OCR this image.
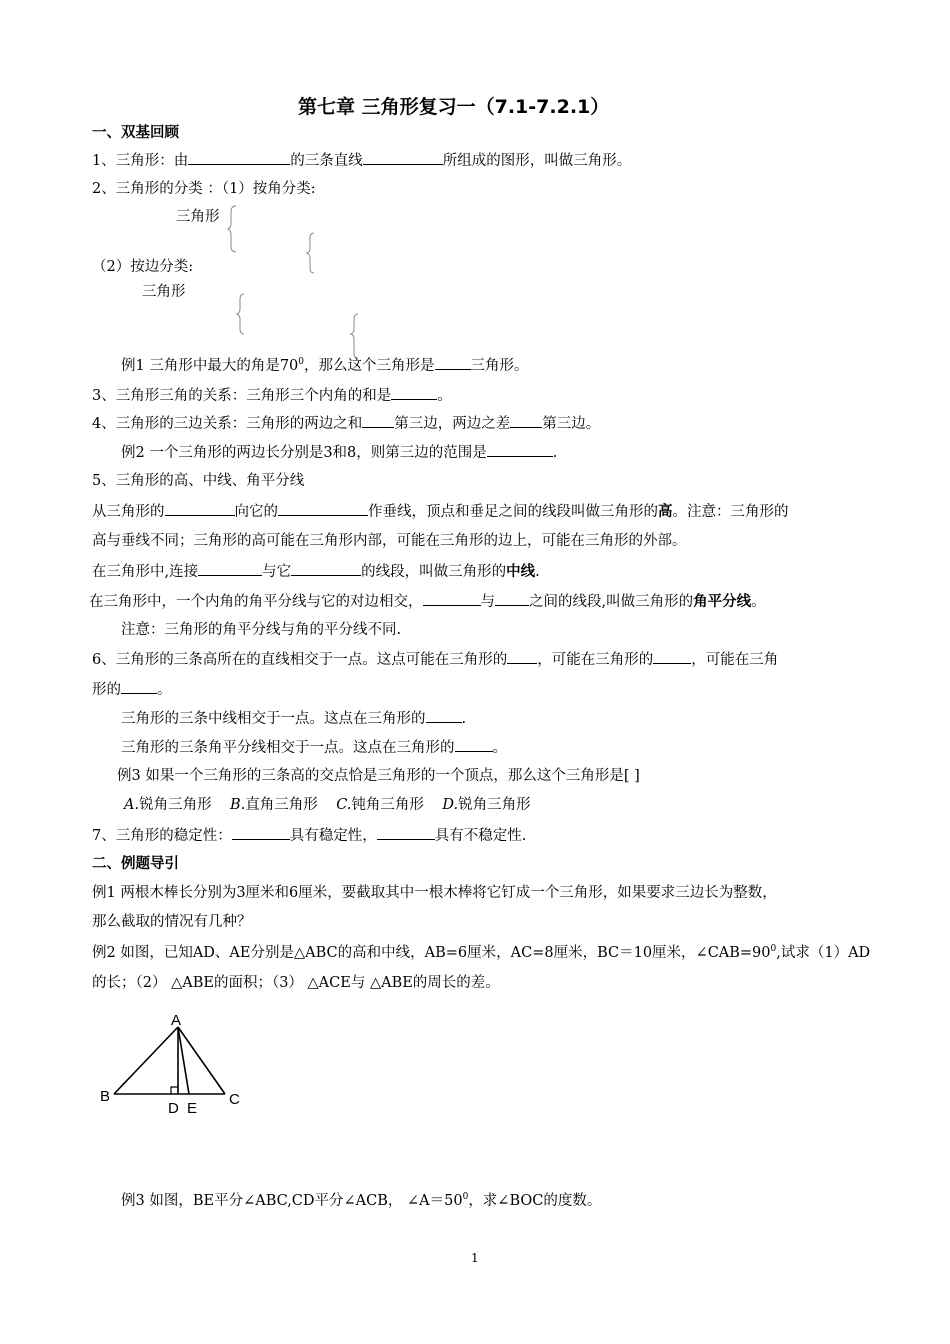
第七章 三角形复习一（7.1-7.2.1）
一、双基回顾
1、三角形：由	的三条直线	所组成的图形，叫做三角形。
2、三角形的分类 ：（1）按角分类:
三角形
（2）按边分类:
三角形
例1 三角形中最大的角是$70^0$，那么这个三角形是 三角形。
3、三角形三角的关系：三角形三个内角的和是	。
4、三角形的三边关系：三角形的两边之和 第三边，两边之差 第三边。
例2 一个三角形的两边长分别是3和8，则第三边的范围是	.
5、三角形的高、中线、角平分线
从三角形的	向它的	作垂线，顶点和垂足之间的线段叫做三角形的高。注意：三角形的
高与垂线不同；三角形的高可能在三角形内部，可能在三角形的边上，可能在三角形的外部。
在三角形中,连接	与它	的线段，叫做三角形的中线.
在三角形中，一个内角的角平分线与它的对边相交，	与 之间的线段,叫做三角形的角平分线。
注意：三角形的角平分线与角的平分线不同.
6、三角形的三条高所在的直线相交于一点。这点可能在三角形的 ，可能在三角形的	，可能在三角
形的 。
三角形的三条中线相交于一点。这点在三角形的 .
三角形的三条角平分线相交于一点。这点在三角形的	。
例3 如果一个三角形的三条高的交点恰是三角形的一个顶点，那么这个三角形是[ ]
A.锐角三角形 B.直角三角形 C.钝角三角形 D.锐角三角形
7、三角形的稳定性：	具有稳定性，	具有不稳定性.
二、例题导引
例1 两根木棒长分别为3厘米和6厘米，要截取其中一根木棒将它钉成一个三角形，如果要求三边长为整数，
那么截取的情况有几种？
例2 如图，已知AD、AE分别是△ABC的高和中线，AB=6厘米，AC=8厘米，BC＝10厘米，$\angle CAB=90^0$,试求（1）AD
的长；（2） △ABE的面积；（3） △ACE与 △ABE的周长的差。
A
B	C
D E
例3 如图，BE平分∠ABC,CD平分∠ACB， $\angle A=50^0$，求∠BOC的度数。
1
